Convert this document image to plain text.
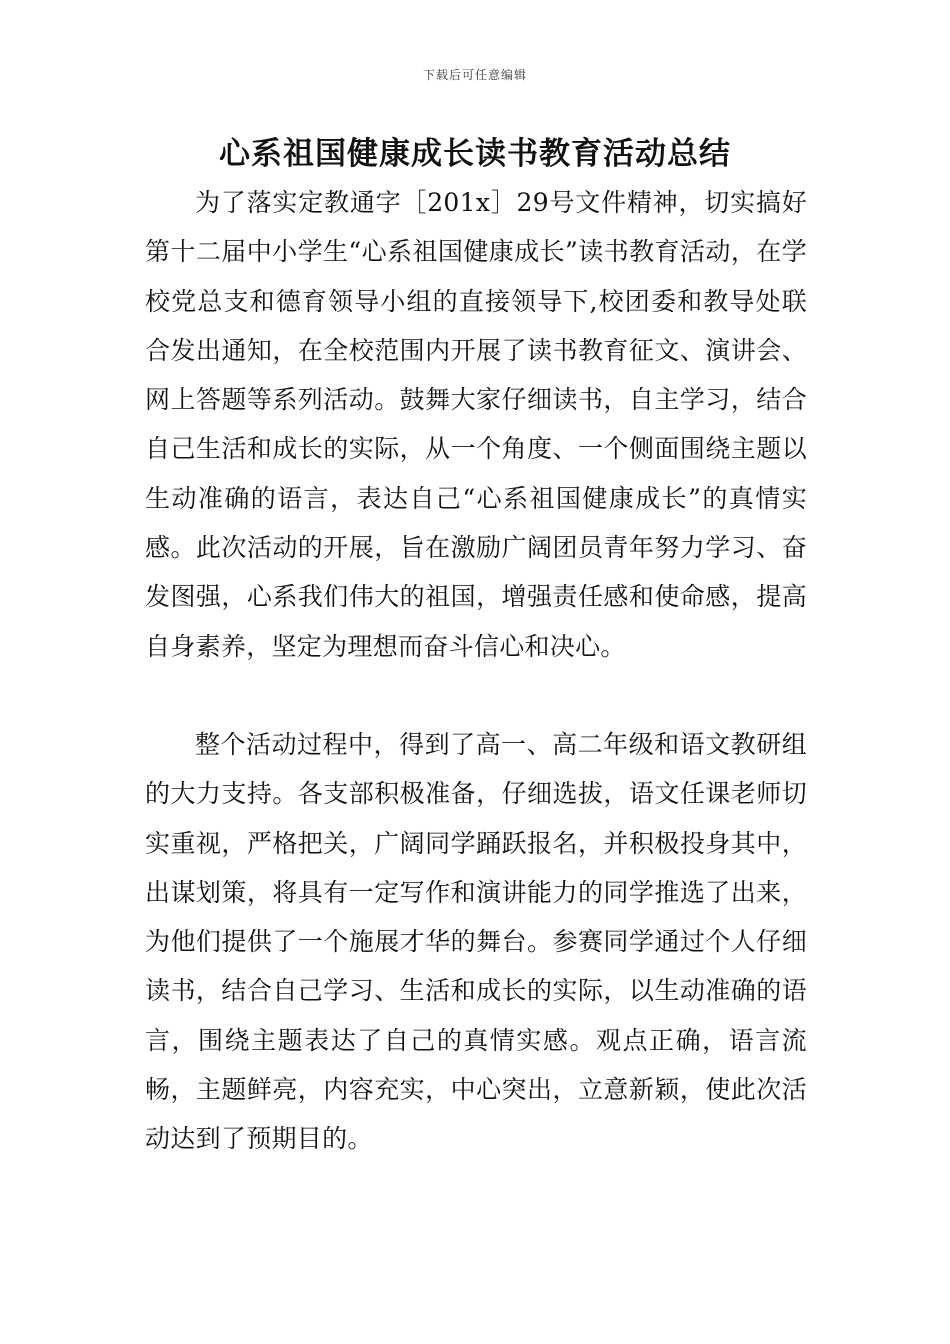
下载后可任意编辑
心系祖国健康成长读书教育活动总结

为了落实定教通字［201x］29号文件精神，切实搞好第十二届中小学生“心系祖国健康成长”读书教育活动，在学校党总支和德育领导小组的直接领导下,校团委和教导处联合发出通知，在全校范围内开展了读书教育征文、演讲会、网上答题等系列活动。鼓舞大家仔细读书，自主学习，结合自己生活和成长的实际，从一个角度、一个侧面围绕主题以生动准确的语言，表达自己“心系祖国健康成长”的真情实感。此次活动的开展，旨在激励广阔团员青年努力学习、奋发图强，心系我们伟大的祖国，增强责任感和使命感，提高自身素养，坚定为理想而奋斗信心和决心。

整个活动过程中，得到了高一、高二年级和语文教研组的大力支持。各支部积极准备，仔细选拔，语文任课老师切实重视，严格把关，广阔同学踊跃报名，并积极投身其中，出谋划策，将具有一定写作和演讲能力的同学推选了出来，为他们提供了一个施展才华的舞台。参赛同学通过个人仔细读书，结合自己学习、生活和成长的实际，以生动准确的语言，围绕主题表达了自己的真情实感。观点正确，语言流畅，主题鲜亮，内容充实，中心突出，立意新颖，使此次活动达到了预期目的。
